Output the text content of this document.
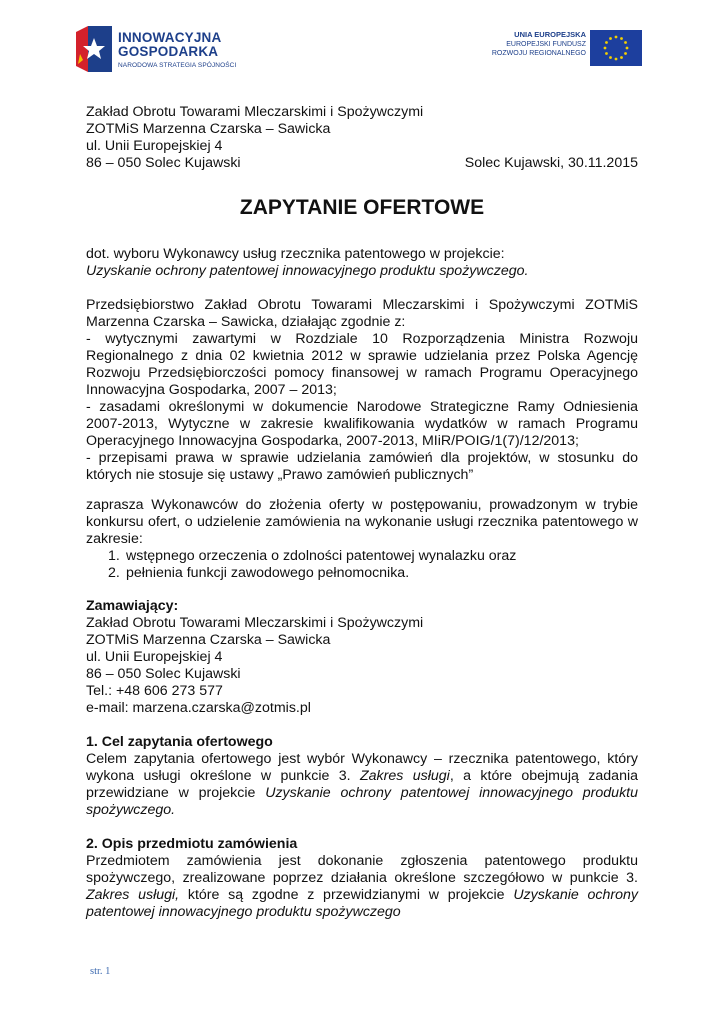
INNOWACYJNA
GOSPODARKA
NARODOWA STRATEGIA SPÓJNOŚCI
UNIA EUROPEJSKA
EUROPEJSKI FUNDUSZ
ROZWOJU REGIONALNEGO
Zakład Obrotu Towarami Mleczarskimi i Spożywczymi
ZOTMiS Marzenna Czarska – Sawicka
ul. Unii Europejskiej 4
86 – 050 Solec Kujawski	Solec Kujawski, 30.11.2015
ZAPYTANIE OFERTOWE
dot. wyboru Wykonawcy usług rzecznika patentowego w projekcie:
Uzyskanie ochrony patentowej innowacyjnego produktu spożywczego.

Przedsiębiorstwo Zakład Obrotu Towarami Mleczarskimi i Spożywczymi ZOTMiS Marzenna Czarska – Sawicka, działając zgodnie z:

- wytycznymi zawartymi w Rozdziale 10 Rozporządzenia Ministra Rozwoju Regionalnego z dnia 02 kwietnia 2012 w sprawie udzielania przez Polska Agencję Rozwoju Przedsiębiorczości pomocy finansowej w ramach Programu Operacyjnego Innowacyjna Gospodarka, 2007 – 2013;

- zasadami określonymi w dokumencie Narodowe Strategiczne Ramy Odniesienia 2007-2013, Wytyczne w zakresie kwalifikowania wydatków w ramach Programu Operacyjnego Innowacyjna Gospodarka, 2007-2013, MIiR/POIG/1(7)/12/2013;

- przepisami prawa w sprawie udzielania zamówień dla projektów, w stosunku do których nie stosuje się ustawy „Prawo zamówień publicznych”

zaprasza Wykonawców do złożenia oferty w postępowaniu, prowadzonym w trybie konkursu ofert, o udzielenie zamówienia na wykonanie usługi rzecznika patentowego w zakresie:

1. wstępnego orzeczenia o zdolności patentowej wynalazku oraz
2. pełnienia funkcji zawodowego pełnomocnika.
Zamawiający:
Zakład Obrotu Towarami Mleczarskimi i Spożywczymi
ZOTMiS Marzenna Czarska – Sawicka
ul. Unii Europejskiej 4
86 – 050 Solec Kujawski
Tel.: +48 606 273 577
e-mail: marzena.czarska@zotmis.pl
1. Cel zapytania ofertowego
Celem zapytania ofertowego jest wybór Wykonawcy – rzecznika patentowego, który wykona usługi określone w punkcie 3. Zakres usługi, a które obejmują zadania przewidziane w projekcie Uzyskanie ochrony patentowej innowacyjnego produktu spożywczego.
2. Opis przedmiotu zamówienia
Przedmiotem zamówienia jest dokonanie zgłoszenia patentowego produktu spożywczego, zrealizowane poprzez działania określone szczegółowo w punkcie 3. Zakres usługi, które są zgodne z przewidzianymi w projekcie Uzyskanie ochrony patentowej innowacyjnego produktu spożywczego
str. 1
